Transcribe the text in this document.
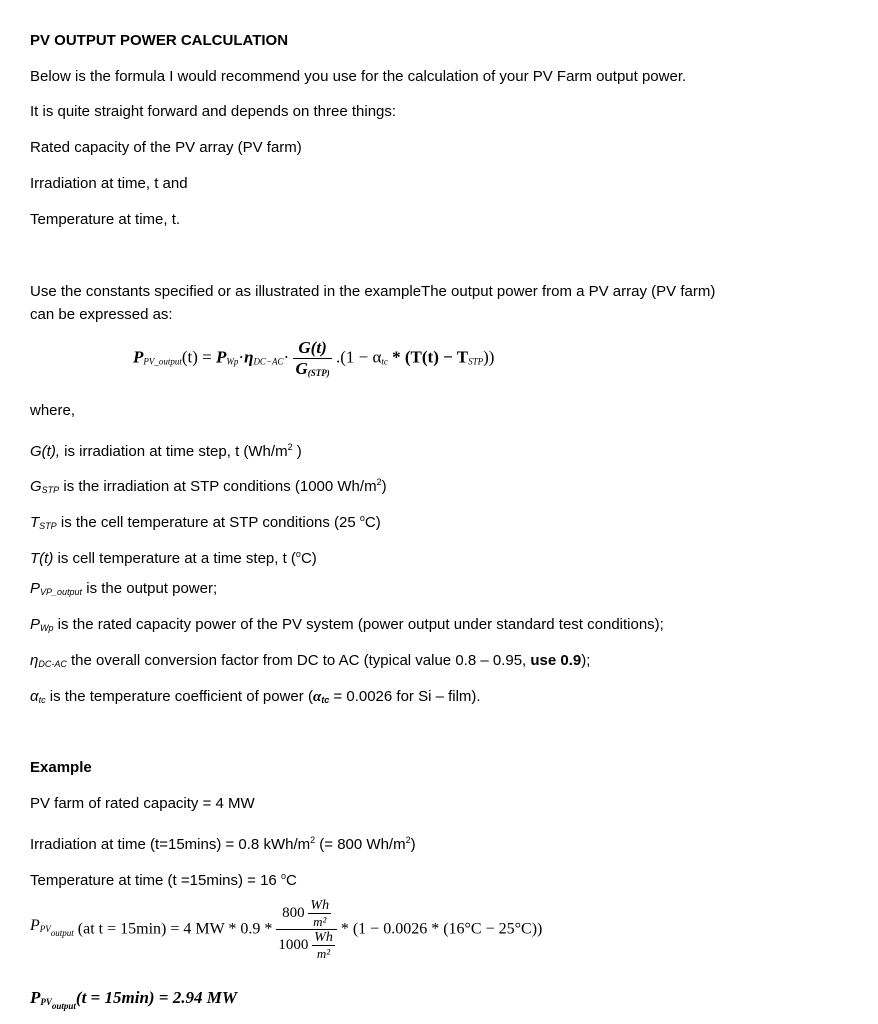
PV OUTPUT POWER CALCULATION
Below is the formula I would recommend you use for the calculation of your PV Farm output power.
It is quite straight forward and depends on three things:
Rated capacity of the PV array (PV farm)
Irradiation at time, t and
Temperature at time, t.
Use the constants specified or as illustrated in the exampleThe output power from a PV array (PV farm)
can be expressed as:
$P_{PV\_output}(t) = P_{Wp}\cdot\eta_{DC-AC}\cdot \frac{G(t)}{G_{(STP)}} .(1 - \alpha_{tc} * (T(t) - T_{STP}))$
where,
G(t), is irradiation at time step, t ($Wh/m^2$ )
$G_{STP}$ is the irradiation at STP conditions (1000 $Wh/m^2$)
$T_{STP}$ is the cell temperature at STP conditions (25 $^o$C)
T(t) is cell temperature at a time step, t ($^o$C)
$P_{VP\_output}$ is the output power;
$P_{Wp}$ is the rated capacity power of the PV system (power output under standard test conditions);
$\eta_{DC-AC}$ the overall conversion factor from DC to AC (typical value 0.8 – 0.95, use 0.9);
$\alpha_{tc}$ is the temperature coefficient of power ($\alpha_{tc} = 0.0026$ for Si – film).
Example
PV farm of rated capacity = 4 MW
Irradiation at time (t=15mins) = 0.8 kWh/$m^2$ (= 800 $Wh/m^2$)
Temperature at time (t =15mins) = 16 $^o$C
$P_{PVoutput}$ (at t = 15min) = 4 MW * $0.9 * \frac{800 \frac{Wh}{\text{m²}}}{1000 \frac{Wh}{\text{m²}}} * (1 - 0.0026 * (16^\circ C - 25^\circ C))$
$P_{PVoutput}(t = 15\min) = 2.94$ MW
